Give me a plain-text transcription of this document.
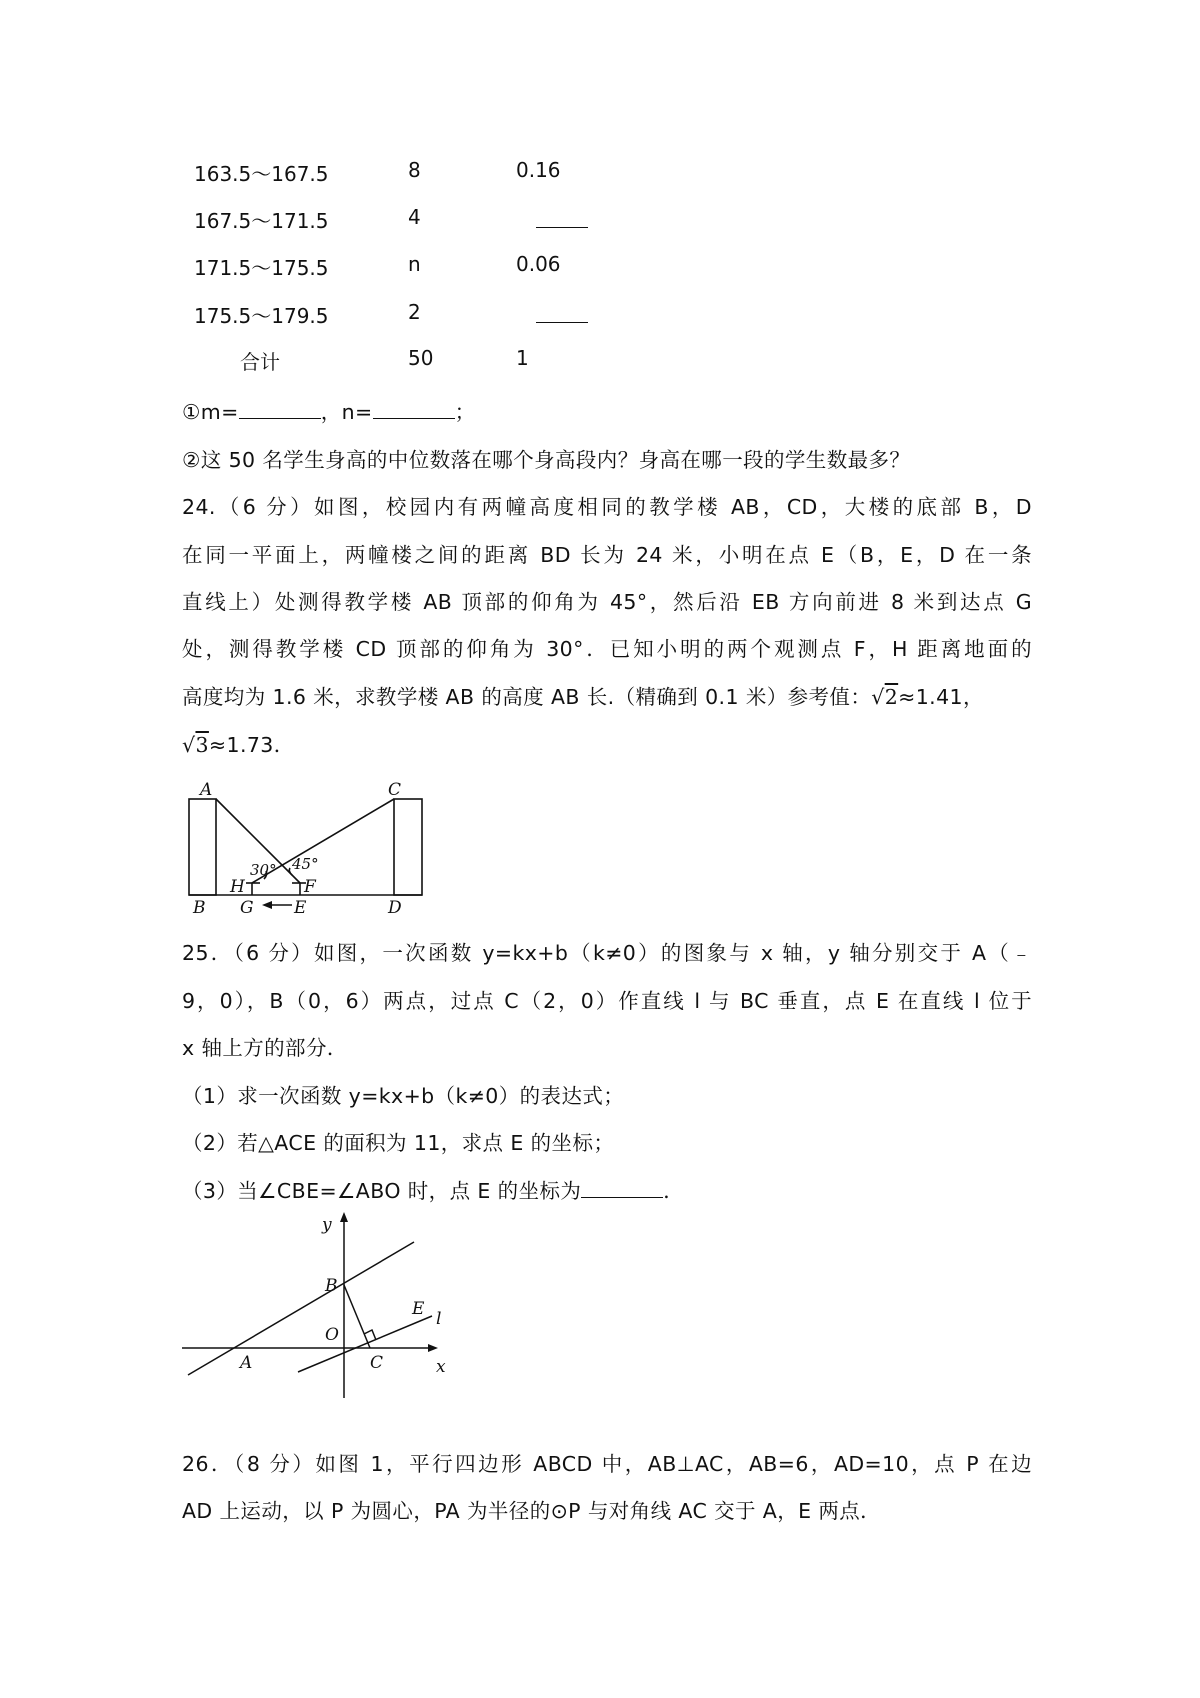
163.5～167.5	8	0.16
167.5～171.5	4
171.5～175.5	n	0.06
175.5～179.5	2
合计	50	1
①m=	，n=	；
②这 50 名学生身高的中位数落在哪个身高段内？身高在哪一段的学生数最多？
24.（6 分）如图，校园内有两幢高度相同的教学楼 AB，CD，大楼的底部 B，D
在同一平面上，两幢楼之间的距离 BD 长为 24 米，小明在点 E（B，E，D 在一条
直线上）处测得教学楼 AB 顶部的仰角为 45°，然后沿 EB 方向前进 8 米到达点 G
处，测得教学楼 CD 顶部的仰角为 30°．已知小明的两个观测点 F，H 距离地面的
高度均为 1.6 米，求教学楼 AB 的高度 AB 长.（精确到 0.1 米）参考值：√2≈1.41，
√3≈1.73．
A	C
B G E	D
H	F
30° 45°
25．（6 分）如图，一次函数 y=kx+b（k≠0）的图象与 x 轴，y 轴分别交于 A（﹣
9，0），B（0，6）两点，过点 C（2，0）作直线 l 与 BC 垂直，点 E 在直线 l 位于
x 轴上方的部分．
（1）求一次函数 y=kx+b（k≠0）的表达式；
（2）若△ACE 的面积为 11，求点 E 的坐标；
（3）当∠CBE=∠ABO 时，点 E 的坐标为	．
y
x
B
O
A	C
E l
26．（8 分）如图 1，平行四边形 ABCD 中，AB⊥AC，AB=6，AD=10，点 P 在边
AD 上运动，以 P 为圆心，PA 为半径的⊙P 与对角线 AC 交于 A，E 两点．
